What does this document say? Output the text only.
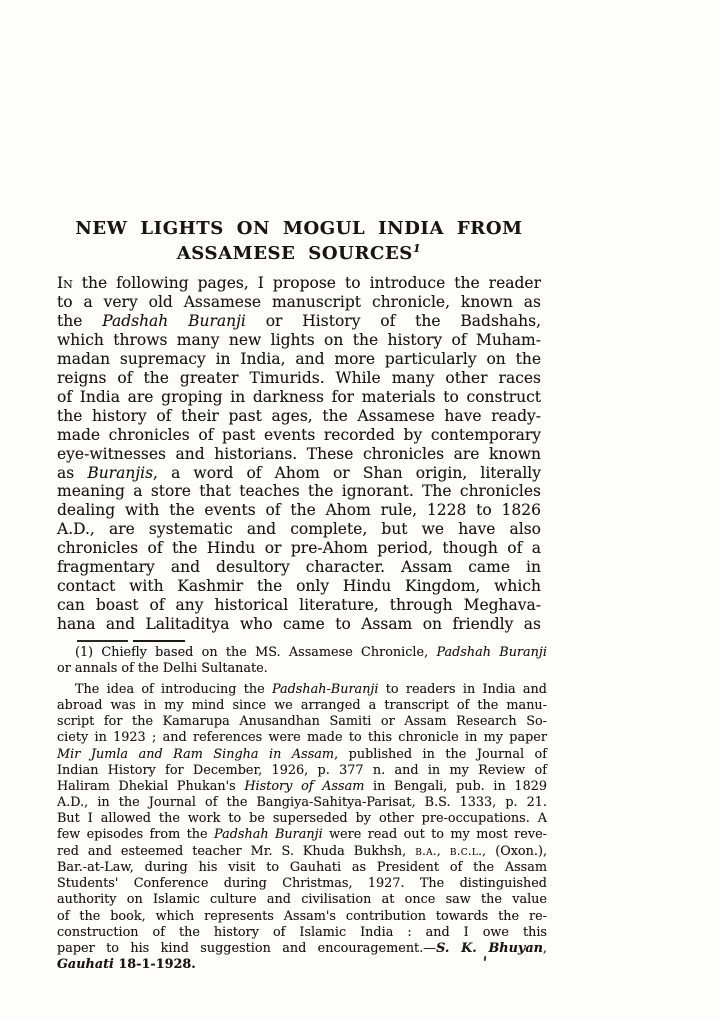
NEW LIGHTS ON MOGUL INDIA FROM
ASSAMESE SOURCES$^1$
In the following pages, I propose to introduce the reader
to a very old Assamese manuscript chronicle, known as
the Padshah Buranji or History of the Badshahs,
which throws many new lights on the history of Muham-
madan supremacy in India, and more particularly on the
reigns of the greater Timurids. While many other races
of India are groping in darkness for materials to construct
the history of their past ages, the Assamese have ready-
made chronicles of past events recorded by contemporary
eye-witnesses and historians. These chronicles are known
as Buranjis, a word of Ahom or Shan origin, literally
meaning a store that teaches the ignorant. The chronicles
dealing with the events of the Ahom rule, 1228 to 1826
A.D., are systematic and complete, but we have also
chronicles of the Hindu or pre-Ahom period, though of a
fragmentary and desultory character. Assam came in
contact with Kashmir the only Hindu Kingdom, which
can boast of any historical literature, through Meghava-
hana and Lalitaditya who came to Assam on friendly as
(1) Chiefly based on the MS. Assamese Chronicle, Padshah Buranji
or annals of the Delhi Sultanate.
The idea of introducing the Padshah-Buranji to readers in India and
abroad was in my mind since we arranged a transcript of the manu-
script for the Kamarupa Anusandhan Samiti or Assam Research So-
ciety in 1923 ; and references were made to this chronicle in my paper
Mir Jumla and Ram Singha in Assam, published in the Journal of
Indian History for December, 1926, p. 377 n. and in my Review of
Haliram Dhekial Phukan's History of Assam in Bengali, pub. in 1829
A.D., in the Journal of the Bangiya-Sahitya-Parisat, B.S. 1333, p. 21.
But I allowed the work to be superseded by other pre-occupations. A
few episodes from the Padshah Buranji were read out to my most reve-
red and esteemed teacher Mr. S. Khuda Bukhsh, b.a., b.c.l., (Oxon.),
Bar.-at-Law, during his visit to Gauhati as President of the Assam
Students' Conference during Christmas, 1927. The distinguished
authority on Islamic culture and civilisation at once saw the value
of the book, which represents Assam's contribution towards the re-
construction of the history of Islamic India : and I owe this
paper to his kind suggestion and encouragement.—S. K. Bhuyan,
Gauhati 18-1-1928.
